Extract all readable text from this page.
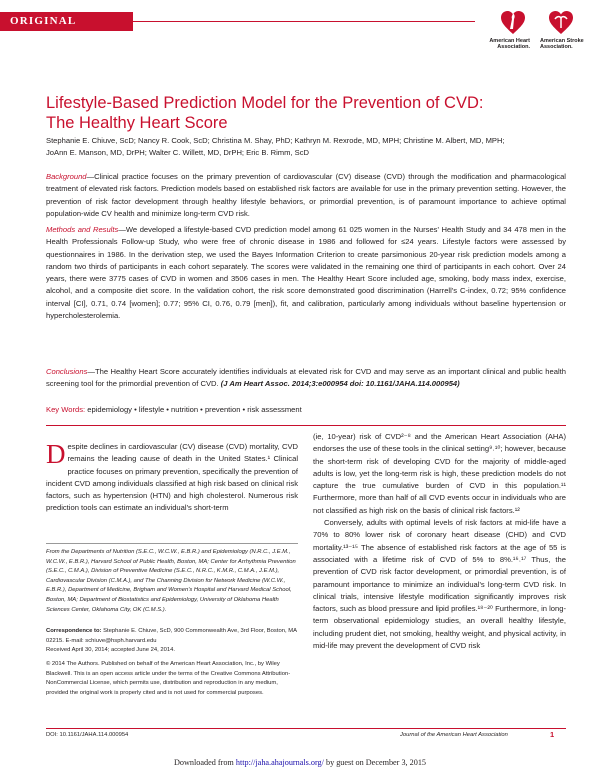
ORIGINAL RESEARCH	American Heart Association.
American Stroke Association.
Lifestyle-Based Prediction Model for the Prevention of CVD:
The Healthy Heart Score
Stephanie E. Chiuve, ScD; Nancy R. Cook, ScD; Christina M. Shay, PhD; Kathryn M. Rexrode, MD, MPH; Christine M. Albert, MD, MPH;
JoAnn E. Manson, MD, DrPH; Walter C. Willett, MD, DrPH; Eric B. Rimm, ScD
Background—Clinical practice focuses on the primary prevention of cardiovascular (CV) disease (CVD) through the modification and pharmacological treatment of elevated risk factors. Prediction models based on established risk factors are available for use in the primary prevention setting. However, the prevention of risk factor development through healthy lifestyle behaviors, or primordial prevention, is of paramount importance to achieve optimal population-wide CV health and minimize long-term CVD risk.
Methods and Results—We developed a lifestyle-based CVD prediction model among 61 025 women in the Nurses' Health Study and 34 478 men in the Health Professionals Follow-up Study, who were free of chronic disease in 1986 and followed for ≤24 years. Lifestyle factors were assessed by questionnaires in 1986. In the derivation step, we used the Bayes Information Criterion to create parsimonious 20-year risk prediction models among a random two thirds of participants in each cohort separately. The scores were validated in the remaining one third of participants in each cohort. Over 24 years, there were 3775 cases of CVD in women and 3506 cases in men. The Healthy Heart Score included age, smoking, body mass index, exercise, alcohol, and a composite diet score. In the validation cohort, the risk score demonstrated good discrimination (Harrell's C-index, 0.72; 95% confidence interval [CI], 0.71, 0.74 [women]; 0.77; 95% CI, 0.76, 0.79 [men]), fit, and calibration, particularly among individuals without baseline hypertension or hypercholesterolemia.
Conclusions—The Healthy Heart Score accurately identifies individuals at elevated risk for CVD and may serve as an important clinical and public health screening tool for the primordial prevention of CVD. (J Am Heart Assoc. 2014;3:e000954 doi: 10.1161/JAHA.114.000954)
Key Words: epidemiology • lifestyle • nutrition • prevention • risk assessment
Despite declines in cardiovascular (CV) disease (CVD) mortality, CVD remains the leading cause of death in the United States.¹ Clinical practice focuses on primary prevention, specifically the prevention of incident CVD among individuals classified at high risk based on clinical risk factors, such as hypertension (HTN) and high cholesterol. Numerous risk prediction tools can estimate an individual's short-term
From the Departments of Nutrition (S.E.C., W.C.W., E.B.R.) and Epidemiology (N.R.C., J.E.M., W.C.W., E.B.R.), Harvard School of Public Health, Boston, MA; Center for Arrhythmia Prevention (S.E.C., C.M.A.), Division of Preventive Medicine (S.E.C., N.R.C., K.M.R., C.M.A., J.E.M.), Cardiovascular Division (C.M.A.), and The Channing Division for Network Medicine (W.C.W., E.B.R.), Department of Medicine, Brigham and Women's Hospital and Harvard Medical School, Boston, MA; Department of Biostatistics and Epidemiology, University of Oklahoma Health Sciences Center, Oklahoma City, OK (C.M.S.).
Correspondence to: Stephanie E. Chiuve, ScD, 900 Commonwealth Ave, 3rd Floor, Boston, MA 02215. E-mail: schiuve@hsph.harvard.edu
Received April 30, 2014; accepted June 24, 2014.
© 2014 The Authors. Published on behalf of the American Heart Association, Inc., by Wiley Blackwell. This is an open access article under the terms of the Creative Commons Attribution-NonCommercial License, which permits use, distribution and reproduction in any medium, provided the original work is properly cited and is not used for commercial purposes.
(ie, 10-year) risk of CVD²⁻⁸ and the American Heart Association (AHA) endorses the use of these tools in the clinical setting⁹˒¹⁰; however, because the short-term risk of developing CVD for the majority of middle-aged adults is low, yet the long-term risk is high, these prediction models do not capture the true cumulative burden of CVD in this population.¹¹ Furthermore, more than half of all CVD events occur in individuals who are not classified as high risk on the basis of clinical risk factors.¹²
Conversely, adults with optimal levels of risk factors at mid-life have a 70% to 80% lower risk of coronary heart disease (CHD) and CVD mortality.¹³⁻¹⁵ The absence of established risk factors at the age of 55 is associated with a lifetime risk of CVD of 5% to 8%.¹⁶˒¹⁷ Thus, the prevention of CVD risk factor development, or primordial prevention, is of paramount importance to minimize an individual's long-term CVD risk. In clinical trials, intensive lifestyle modification significantly improves risk factors, such as blood pressure and lipid profiles.¹⁸⁻²⁰ Furthermore, in long-term observational epidemiology studies, an overall healthy lifestyle, including prudent diet, not smoking, healthy weight, and physical activity, in mid-life may prevent the development of CVD risk
DOI: 10.1161/JAHA.114.000954	Journal of the American Heart Association	1
Downloaded from http://jaha.ahajournals.org/ by guest on December 3, 2015
